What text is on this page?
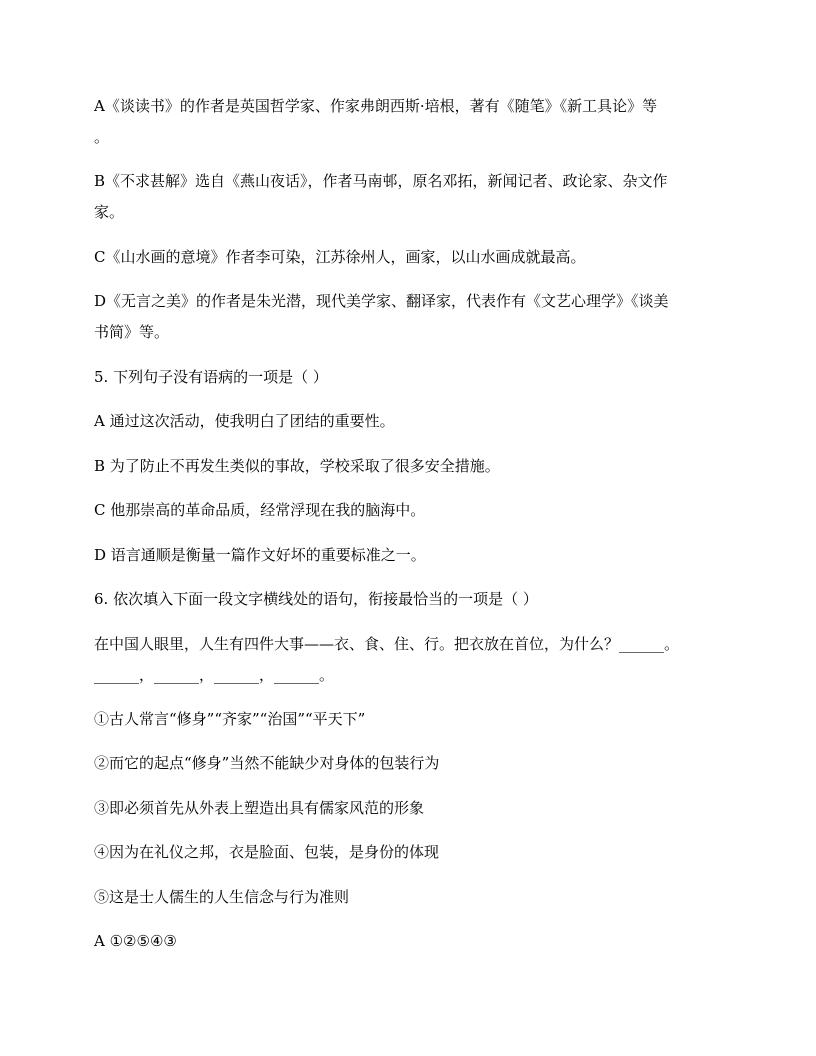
A《谈读书》的作者是英国哲学家、作家弗朗西斯·培根，著有《随笔》《新工具论》等
。
B《不求甚解》选自《燕山夜话》，作者马南邨，原名邓拓，新闻记者、政论家、杂文作
家。
C《山水画的意境》作者李可染，江苏徐州人，画家，以山水画成就最高。
D《无言之美》的作者是朱光潜，现代美学家、翻译家，代表作有《文艺心理学》《谈美
书简》等。
5. 下列句子没有语病的一项是（ ）
A 通过这次活动，使我明白了团结的重要性。
B 为了防止不再发生类似的事故，学校采取了很多安全措施。
C 他那崇高的革命品质，经常浮现在我的脑海中。
D 语言通顺是衡量一篇作文好坏的重要标准之一。
6. 依次填入下面一段文字横线处的语句，衔接最恰当的一项是（ ）
在中国人眼里，人生有四件大事——衣、食、住、行。把衣放在首位，为什么？______。
______，______，______，______。
①古人常言“修身”“齐家”“治国”“平天下”
②而它的起点“修身”当然不能缺少对身体的包装行为
③即必须首先从外表上塑造出具有儒家风范的形象
④因为在礼仪之邦，衣是脸面、包装，是身份的体现
⑤这是士人儒生的人生信念与行为准则
A ①②⑤④③
